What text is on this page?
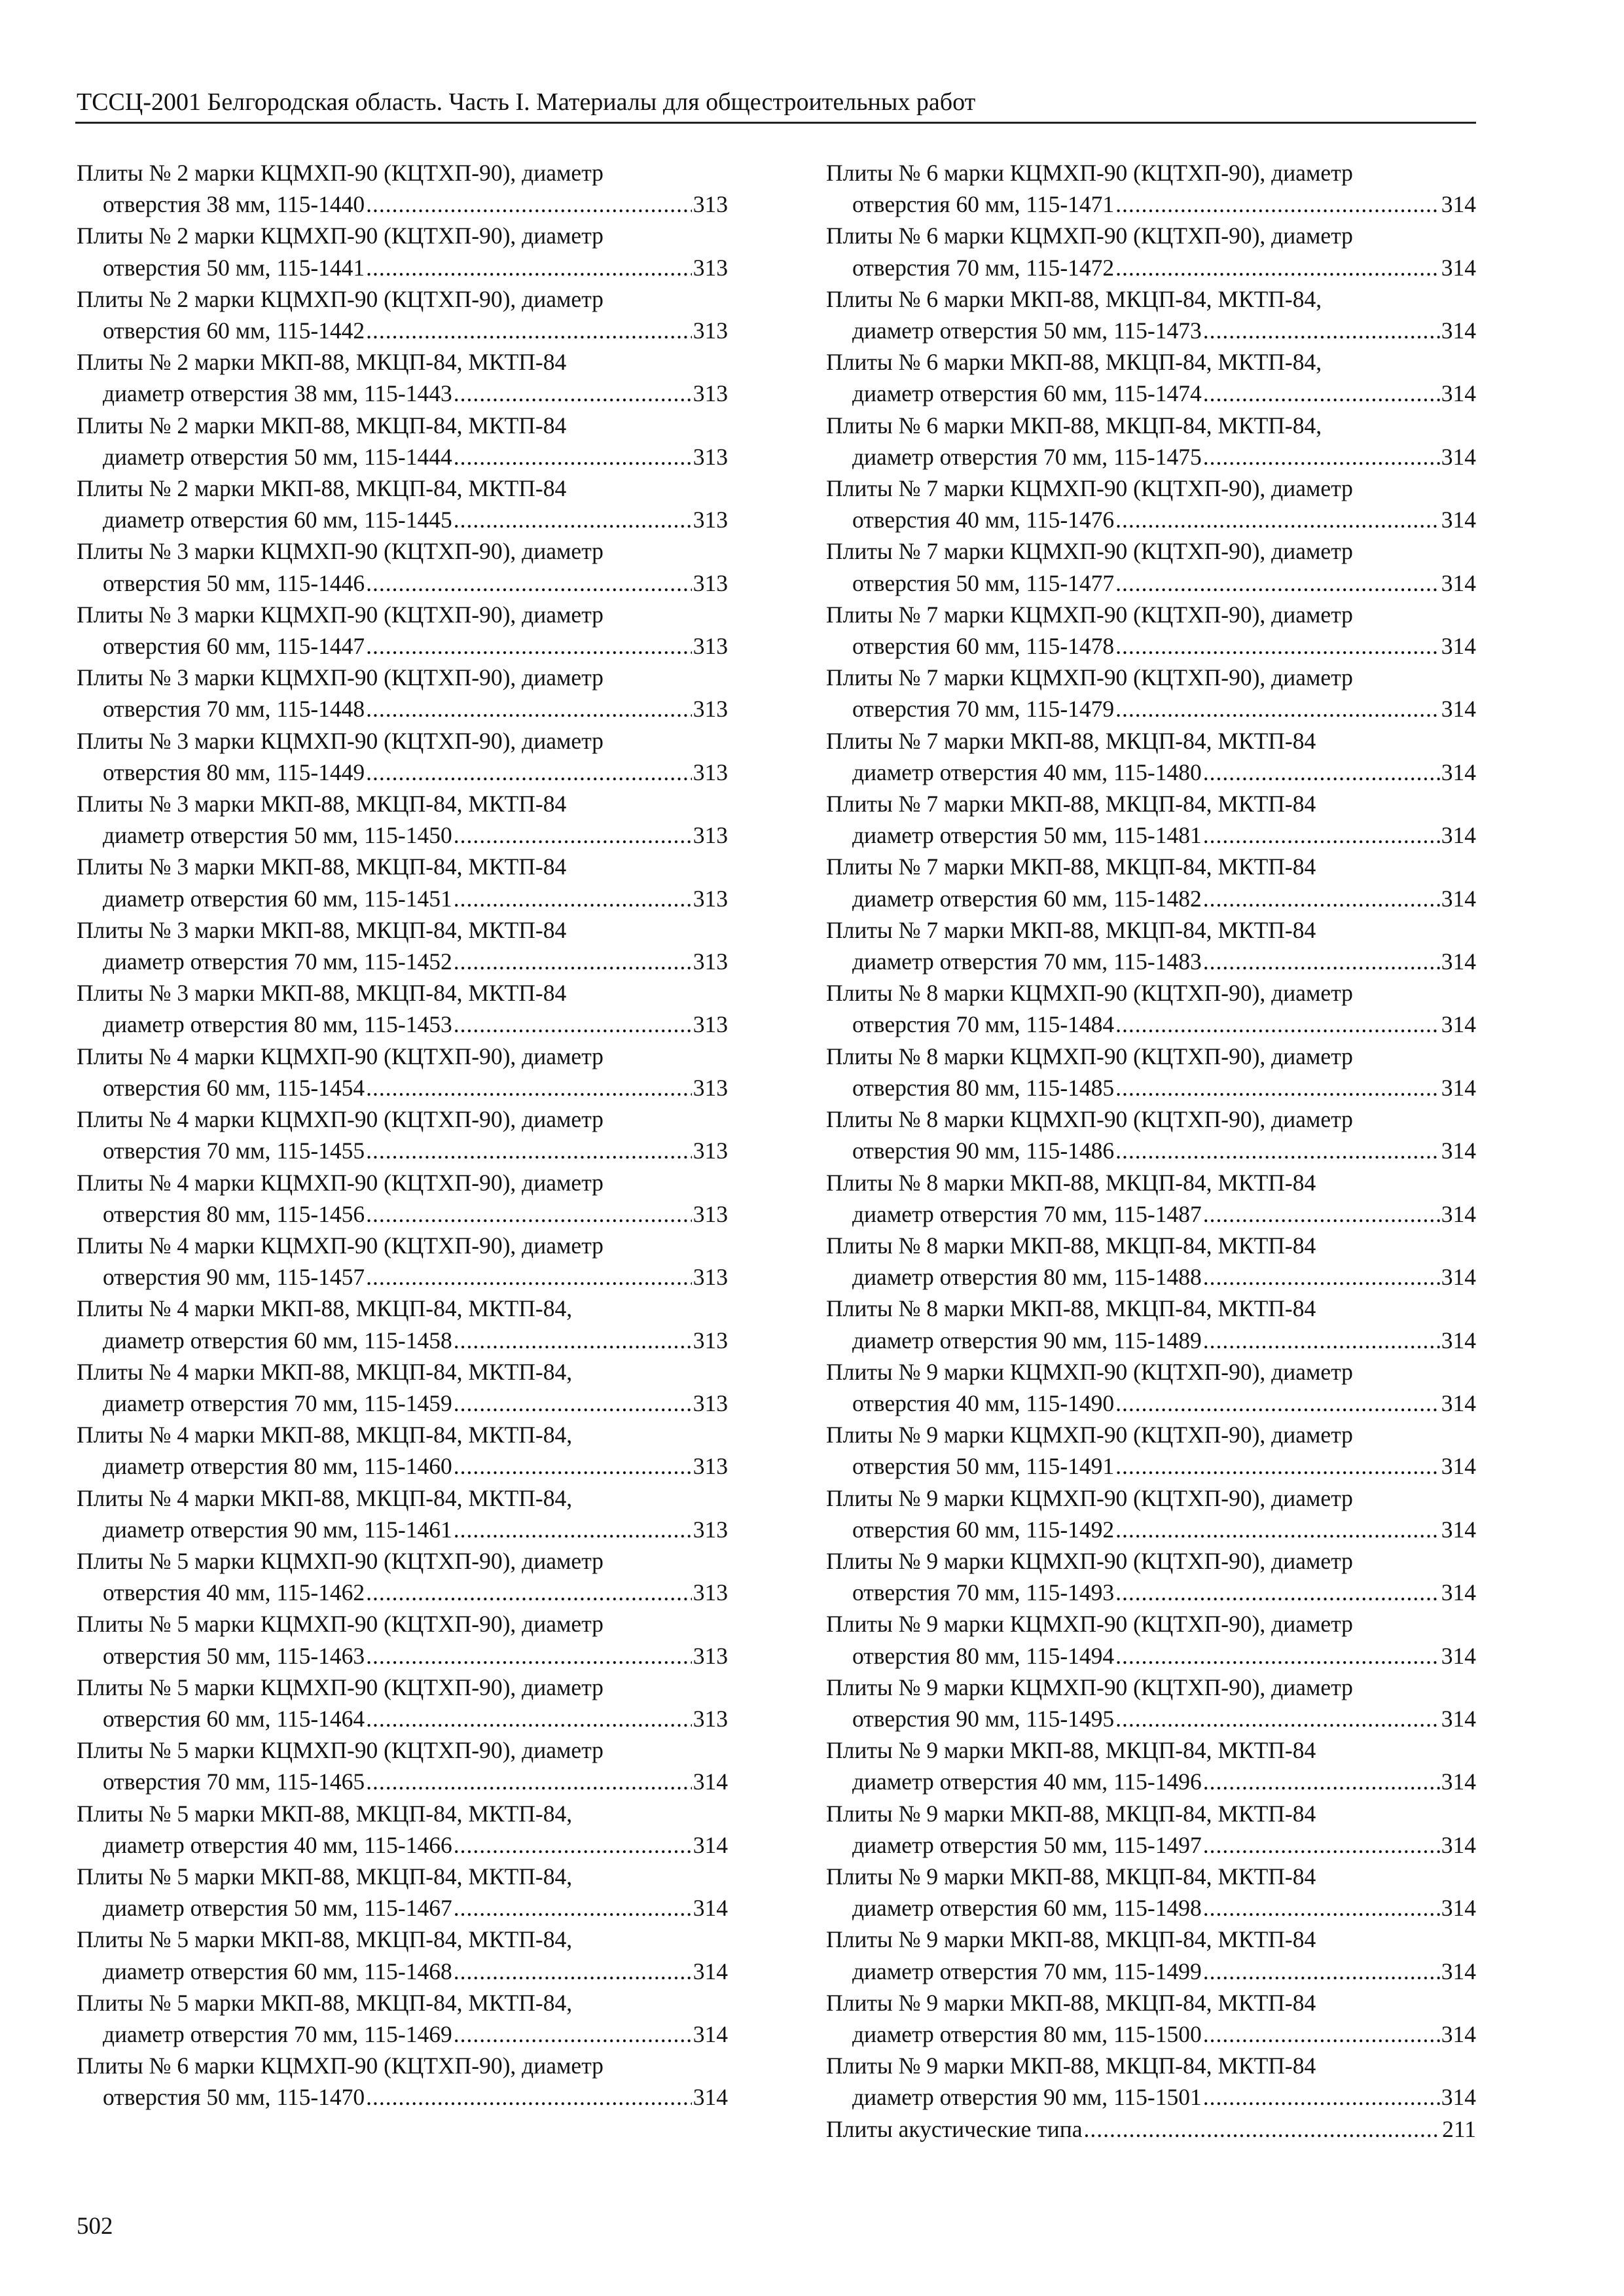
ТССЦ-2001 Белгородская область. Часть I. Материалы для общестроительных работ
Плиты № 2 марки КЦМХП-90 (КЦТХП-90), диаметр
отверстия 38 мм, 115-1440 .....	313
Плиты № 2 марки КЦМХП-90 (КЦТХП-90), диаметр
отверстия 50 мм, 115-1441 .....	313
Плиты № 2 марки КЦМХП-90 (КЦТХП-90), диаметр
отверстия 60 мм, 115-1442 .....	313
Плиты № 2 марки МКП-88, МКЦП-84, МКТП-84
диаметр отверстия 38 мм, 115-1443 .....	313
Плиты № 2 марки МКП-88, МКЦП-84, МКТП-84
диаметр отверстия 50 мм, 115-1444 .....	313
Плиты № 2 марки МКП-88, МКЦП-84, МКТП-84
диаметр отверстия 60 мм, 115-1445 .....	313
Плиты № 3 марки КЦМХП-90 (КЦТХП-90), диаметр
отверстия 50 мм, 115-1446 .....	313
Плиты № 3 марки КЦМХП-90 (КЦТХП-90), диаметр
отверстия 60 мм, 115-1447 .....	313
Плиты № 3 марки КЦМХП-90 (КЦТХП-90), диаметр
отверстия 70 мм, 115-1448 .....	313
Плиты № 3 марки КЦМХП-90 (КЦТХП-90), диаметр
отверстия 80 мм, 115-1449 .....	313
Плиты № 3 марки МКП-88, МКЦП-84, МКТП-84
диаметр отверстия 50 мм, 115-1450 .....	313
Плиты № 3 марки МКП-88, МКЦП-84, МКТП-84
диаметр отверстия 60 мм, 115-1451 .....	313
Плиты № 3 марки МКП-88, МКЦП-84, МКТП-84
диаметр отверстия 70 мм, 115-1452 .....	313
Плиты № 3 марки МКП-88, МКЦП-84, МКТП-84
диаметр отверстия 80 мм, 115-1453 .....	313
Плиты № 4 марки КЦМХП-90 (КЦТХП-90), диаметр
отверстия 60 мм, 115-1454 .....	313
Плиты № 4 марки КЦМХП-90 (КЦТХП-90), диаметр
отверстия 70 мм, 115-1455 .....	313
Плиты № 4 марки КЦМХП-90 (КЦТХП-90), диаметр
отверстия 80 мм, 115-1456 .....	313
Плиты № 4 марки КЦМХП-90 (КЦТХП-90), диаметр
отверстия 90 мм, 115-1457 .....	313
Плиты № 4 марки МКП-88, МКЦП-84, МКТП-84,
диаметр отверстия 60 мм, 115-1458 .....	313
Плиты № 4 марки МКП-88, МКЦП-84, МКТП-84,
диаметр отверстия 70 мм, 115-1459 .....	313
Плиты № 4 марки МКП-88, МКЦП-84, МКТП-84,
диаметр отверстия 80 мм, 115-1460 .....	313
Плиты № 4 марки МКП-88, МКЦП-84, МКТП-84,
диаметр отверстия 90 мм, 115-1461 .....	313
Плиты № 5 марки КЦМХП-90 (КЦТХП-90), диаметр
отверстия 40 мм, 115-1462 .....	313
Плиты № 5 марки КЦМХП-90 (КЦТХП-90), диаметр
отверстия 50 мм, 115-1463 .....	313
Плиты № 5 марки КЦМХП-90 (КЦТХП-90), диаметр
отверстия 60 мм, 115-1464 .....	313
Плиты № 5 марки КЦМХП-90 (КЦТХП-90), диаметр
отверстия 70 мм, 115-1465 .....	314
Плиты № 5 марки МКП-88, МКЦП-84, МКТП-84,
диаметр отверстия 40 мм, 115-1466 .....	314
Плиты № 5 марки МКП-88, МКЦП-84, МКТП-84,
диаметр отверстия 50 мм, 115-1467 .....	314
Плиты № 5 марки МКП-88, МКЦП-84, МКТП-84,
диаметр отверстия 60 мм, 115-1468 .....	314
Плиты № 5 марки МКП-88, МКЦП-84, МКТП-84,
диаметр отверстия 70 мм, 115-1469 .....	314
Плиты № 6 марки КЦМХП-90 (КЦТХП-90), диаметр
отверстия 50 мм, 115-1470 .....	314
Плиты № 6 марки КЦМХП-90 (КЦТХП-90), диаметр
отверстия 60 мм, 115-1471 .....	314
Плиты № 6 марки КЦМХП-90 (КЦТХП-90), диаметр
отверстия 70 мм, 115-1472 .....	314
Плиты № 6 марки МКП-88, МКЦП-84, МКТП-84,
диаметр отверстия 50 мм, 115-1473 .....	314
Плиты № 6 марки МКП-88, МКЦП-84, МКТП-84,
диаметр отверстия 60 мм, 115-1474 .....	314
Плиты № 6 марки МКП-88, МКЦП-84, МКТП-84,
диаметр отверстия 70 мм, 115-1475 .....	314
Плиты № 7 марки КЦМХП-90 (КЦТХП-90), диаметр
отверстия 40 мм, 115-1476 .....	314
Плиты № 7 марки КЦМХП-90 (КЦТХП-90), диаметр
отверстия 50 мм, 115-1477 .....	314
Плиты № 7 марки КЦМХП-90 (КЦТХП-90), диаметр
отверстия 60 мм, 115-1478 .....	314
Плиты № 7 марки КЦМХП-90 (КЦТХП-90), диаметр
отверстия 70 мм, 115-1479 .....	314
Плиты № 7 марки МКП-88, МКЦП-84, МКТП-84
диаметр отверстия 40 мм, 115-1480 .....	314
Плиты № 7 марки МКП-88, МКЦП-84, МКТП-84
диаметр отверстия 50 мм, 115-1481 .....	314
Плиты № 7 марки МКП-88, МКЦП-84, МКТП-84
диаметр отверстия 60 мм, 115-1482 .....	314
Плиты № 7 марки МКП-88, МКЦП-84, МКТП-84
диаметр отверстия 70 мм, 115-1483 .....	314
Плиты № 8 марки КЦМХП-90 (КЦТХП-90), диаметр
отверстия 70 мм, 115-1484 .....	314
Плиты № 8 марки КЦМХП-90 (КЦТХП-90), диаметр
отверстия 80 мм, 115-1485 .....	314
Плиты № 8 марки КЦМХП-90 (КЦТХП-90), диаметр
отверстия 90 мм, 115-1486 .....	314
Плиты № 8 марки МКП-88, МКЦП-84, МКТП-84
диаметр отверстия 70 мм, 115-1487 .....	314
Плиты № 8 марки МКП-88, МКЦП-84, МКТП-84
диаметр отверстия 80 мм, 115-1488 .....	314
Плиты № 8 марки МКП-88, МКЦП-84, МКТП-84
диаметр отверстия 90 мм, 115-1489 .....	314
Плиты № 9 марки КЦМХП-90 (КЦТХП-90), диаметр
отверстия 40 мм, 115-1490 .....	314
Плиты № 9 марки КЦМХП-90 (КЦТХП-90), диаметр
отверстия 50 мм, 115-1491 .....	314
Плиты № 9 марки КЦМХП-90 (КЦТХП-90), диаметр
отверстия 60 мм, 115-1492 .....	314
Плиты № 9 марки КЦМХП-90 (КЦТХП-90), диаметр
отверстия 70 мм, 115-1493 .....	314
Плиты № 9 марки КЦМХП-90 (КЦТХП-90), диаметр
отверстия 80 мм, 115-1494 .....	314
Плиты № 9 марки КЦМХП-90 (КЦТХП-90), диаметр
отверстия 90 мм, 115-1495 .....	314
Плиты № 9 марки МКП-88, МКЦП-84, МКТП-84
диаметр отверстия 40 мм, 115-1496 .....	314
Плиты № 9 марки МКП-88, МКЦП-84, МКТП-84
диаметр отверстия 50 мм, 115-1497 .....	314
Плиты № 9 марки МКП-88, МКЦП-84, МКТП-84
диаметр отверстия 60 мм, 115-1498 .....	314
Плиты № 9 марки МКП-88, МКЦП-84, МКТП-84
диаметр отверстия 70 мм, 115-1499 .....	314
Плиты № 9 марки МКП-88, МКЦП-84, МКТП-84
диаметр отверстия 80 мм, 115-1500 .....	314
Плиты № 9 марки МКП-88, МКЦП-84, МКТП-84
диаметр отверстия 90 мм, 115-1501 .....	314
Плиты акустические типа .....	211
502
